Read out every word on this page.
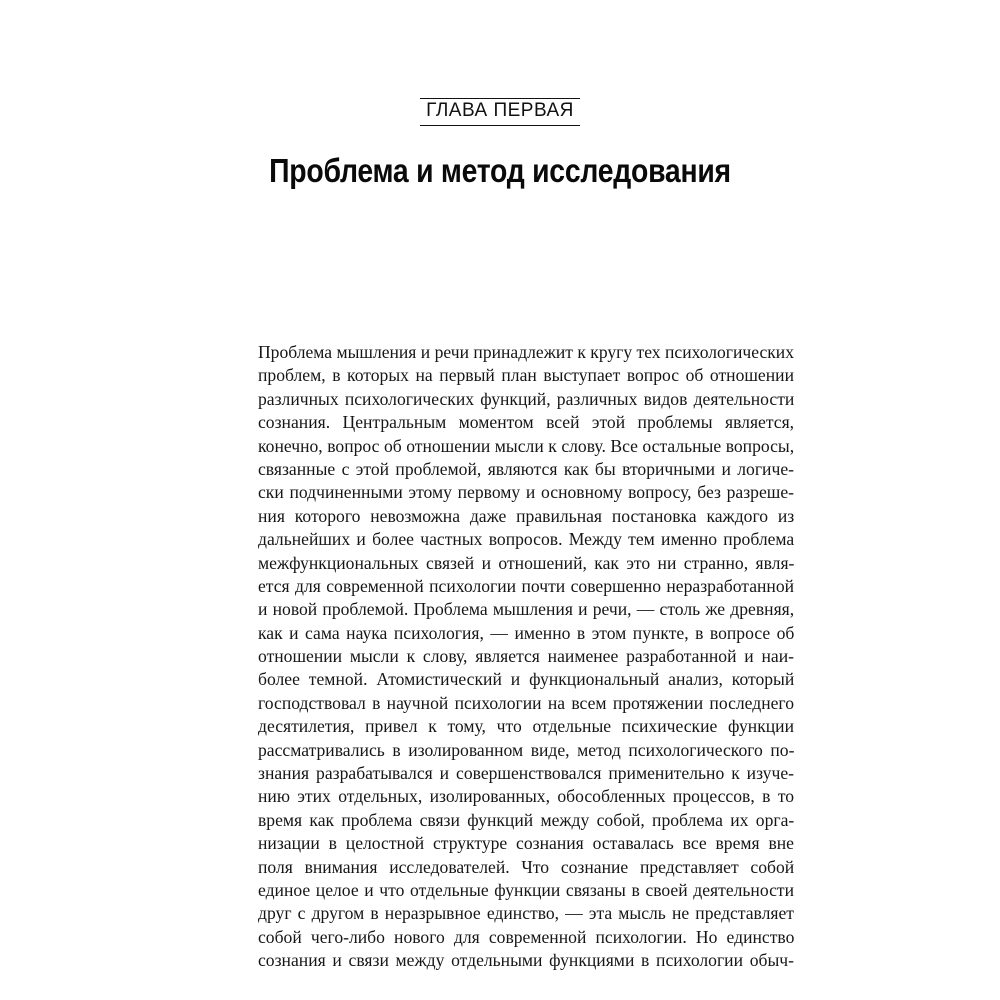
ГЛАВА ПЕРВАЯ
Проблема и метод исследования
Проблема мышления и речи принадлежит к кругу тех психологических
проблем, в которых на первый план выступает вопрос об отношении
различных психологических функций, различных видов деятельности
сознания. Центральным моментом всей этой проблемы является,
конечно, вопрос об отношении мысли к слову. Все остальные вопросы,
связанные с этой проблемой, являются как бы вторичными и логиче-
ски подчиненными этому первому и основному вопросу, без разреше-
ния которого невозможна даже правильная постановка каждого из
дальнейших и более частных вопросов. Между тем именно проблема
межфункциональных связей и отношений, как это ни странно, явля-
ется для современной психологии почти совершенно неразработанной
и новой проблемой. Проблема мышления и речи, — столь же древняя,
как и сама наука психология, — именно в этом пункте, в вопросе об
отношении мысли к слову, является наименее разработанной и наи-
более темной. Атомистический и функциональный анализ, который
господствовал в научной психологии на всем протяжении последнего
десятилетия, привел к тому, что отдельные психические функции
рассматривались в изолированном виде, метод психологического по-
знания разрабатывался и совершенствовался применительно к изуче-
нию этих отдельных, изолированных, обособленных процессов, в то
время как проблема связи функций между собой, проблема их орга-
низации в целостной структуре сознания оставалась все время вне
поля внимания исследователей. Что сознание представляет собой
единое целое и что отдельные функции связаны в своей деятельности
друг с другом в неразрывное единство, — эта мысль не представляет
собой чего-либо нового для современной психологии. Но единство
сознания и связи между отдельными функциями в психологии обыч-
